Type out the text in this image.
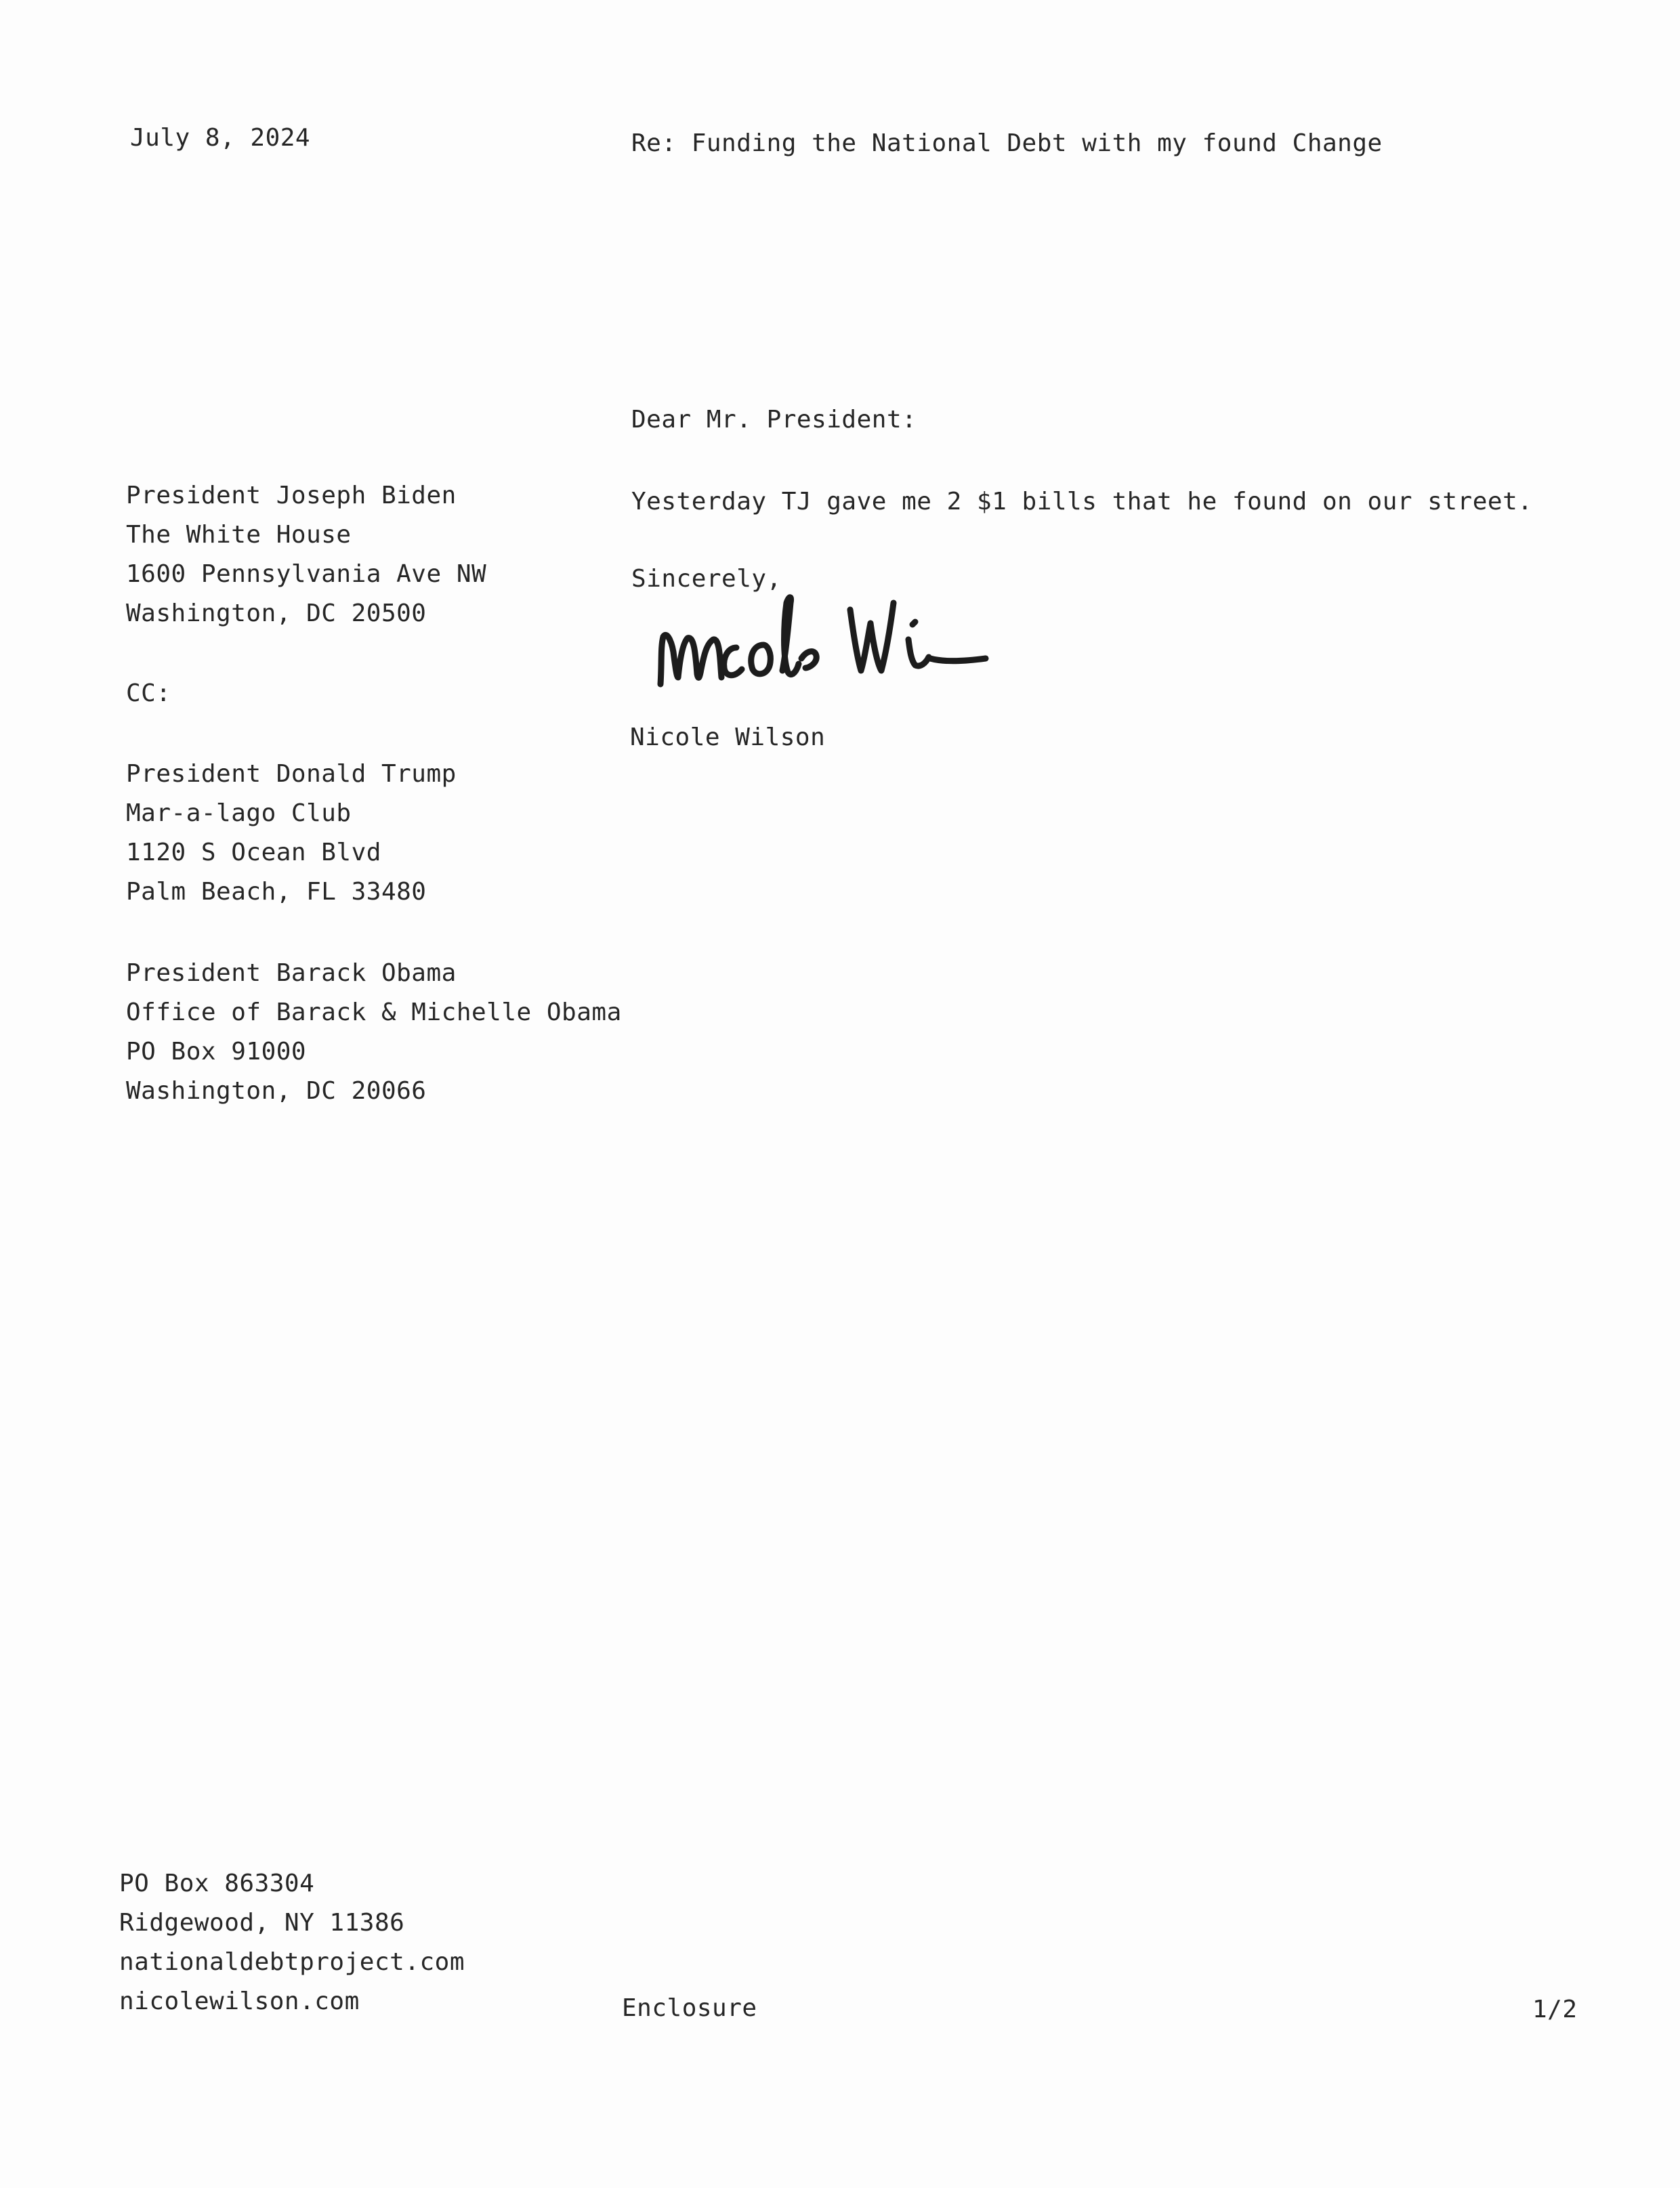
July 8, 2024	Re: Funding the National Debt with my found Change
Dear Mr. President:
President Joseph Biden
The White House
1600 Pennsylvania Ave NW
Washington, DC 20500
Yesterday TJ gave me 2 $1 bills that he found on our street.
Sincerely,
Nicole Wilson
CC:
President Donald Trump
Mar-a-lago Club
1120 S Ocean Blvd
Palm Beach, FL 33480
President Barack Obama
Office of Barack & Michelle Obama
PO Box 91000
Washington, DC 20066
PO Box 863304
Ridgewood, NY 11386
nationaldebtproject.com
nicolewilson.com	Enclosure	1/2
